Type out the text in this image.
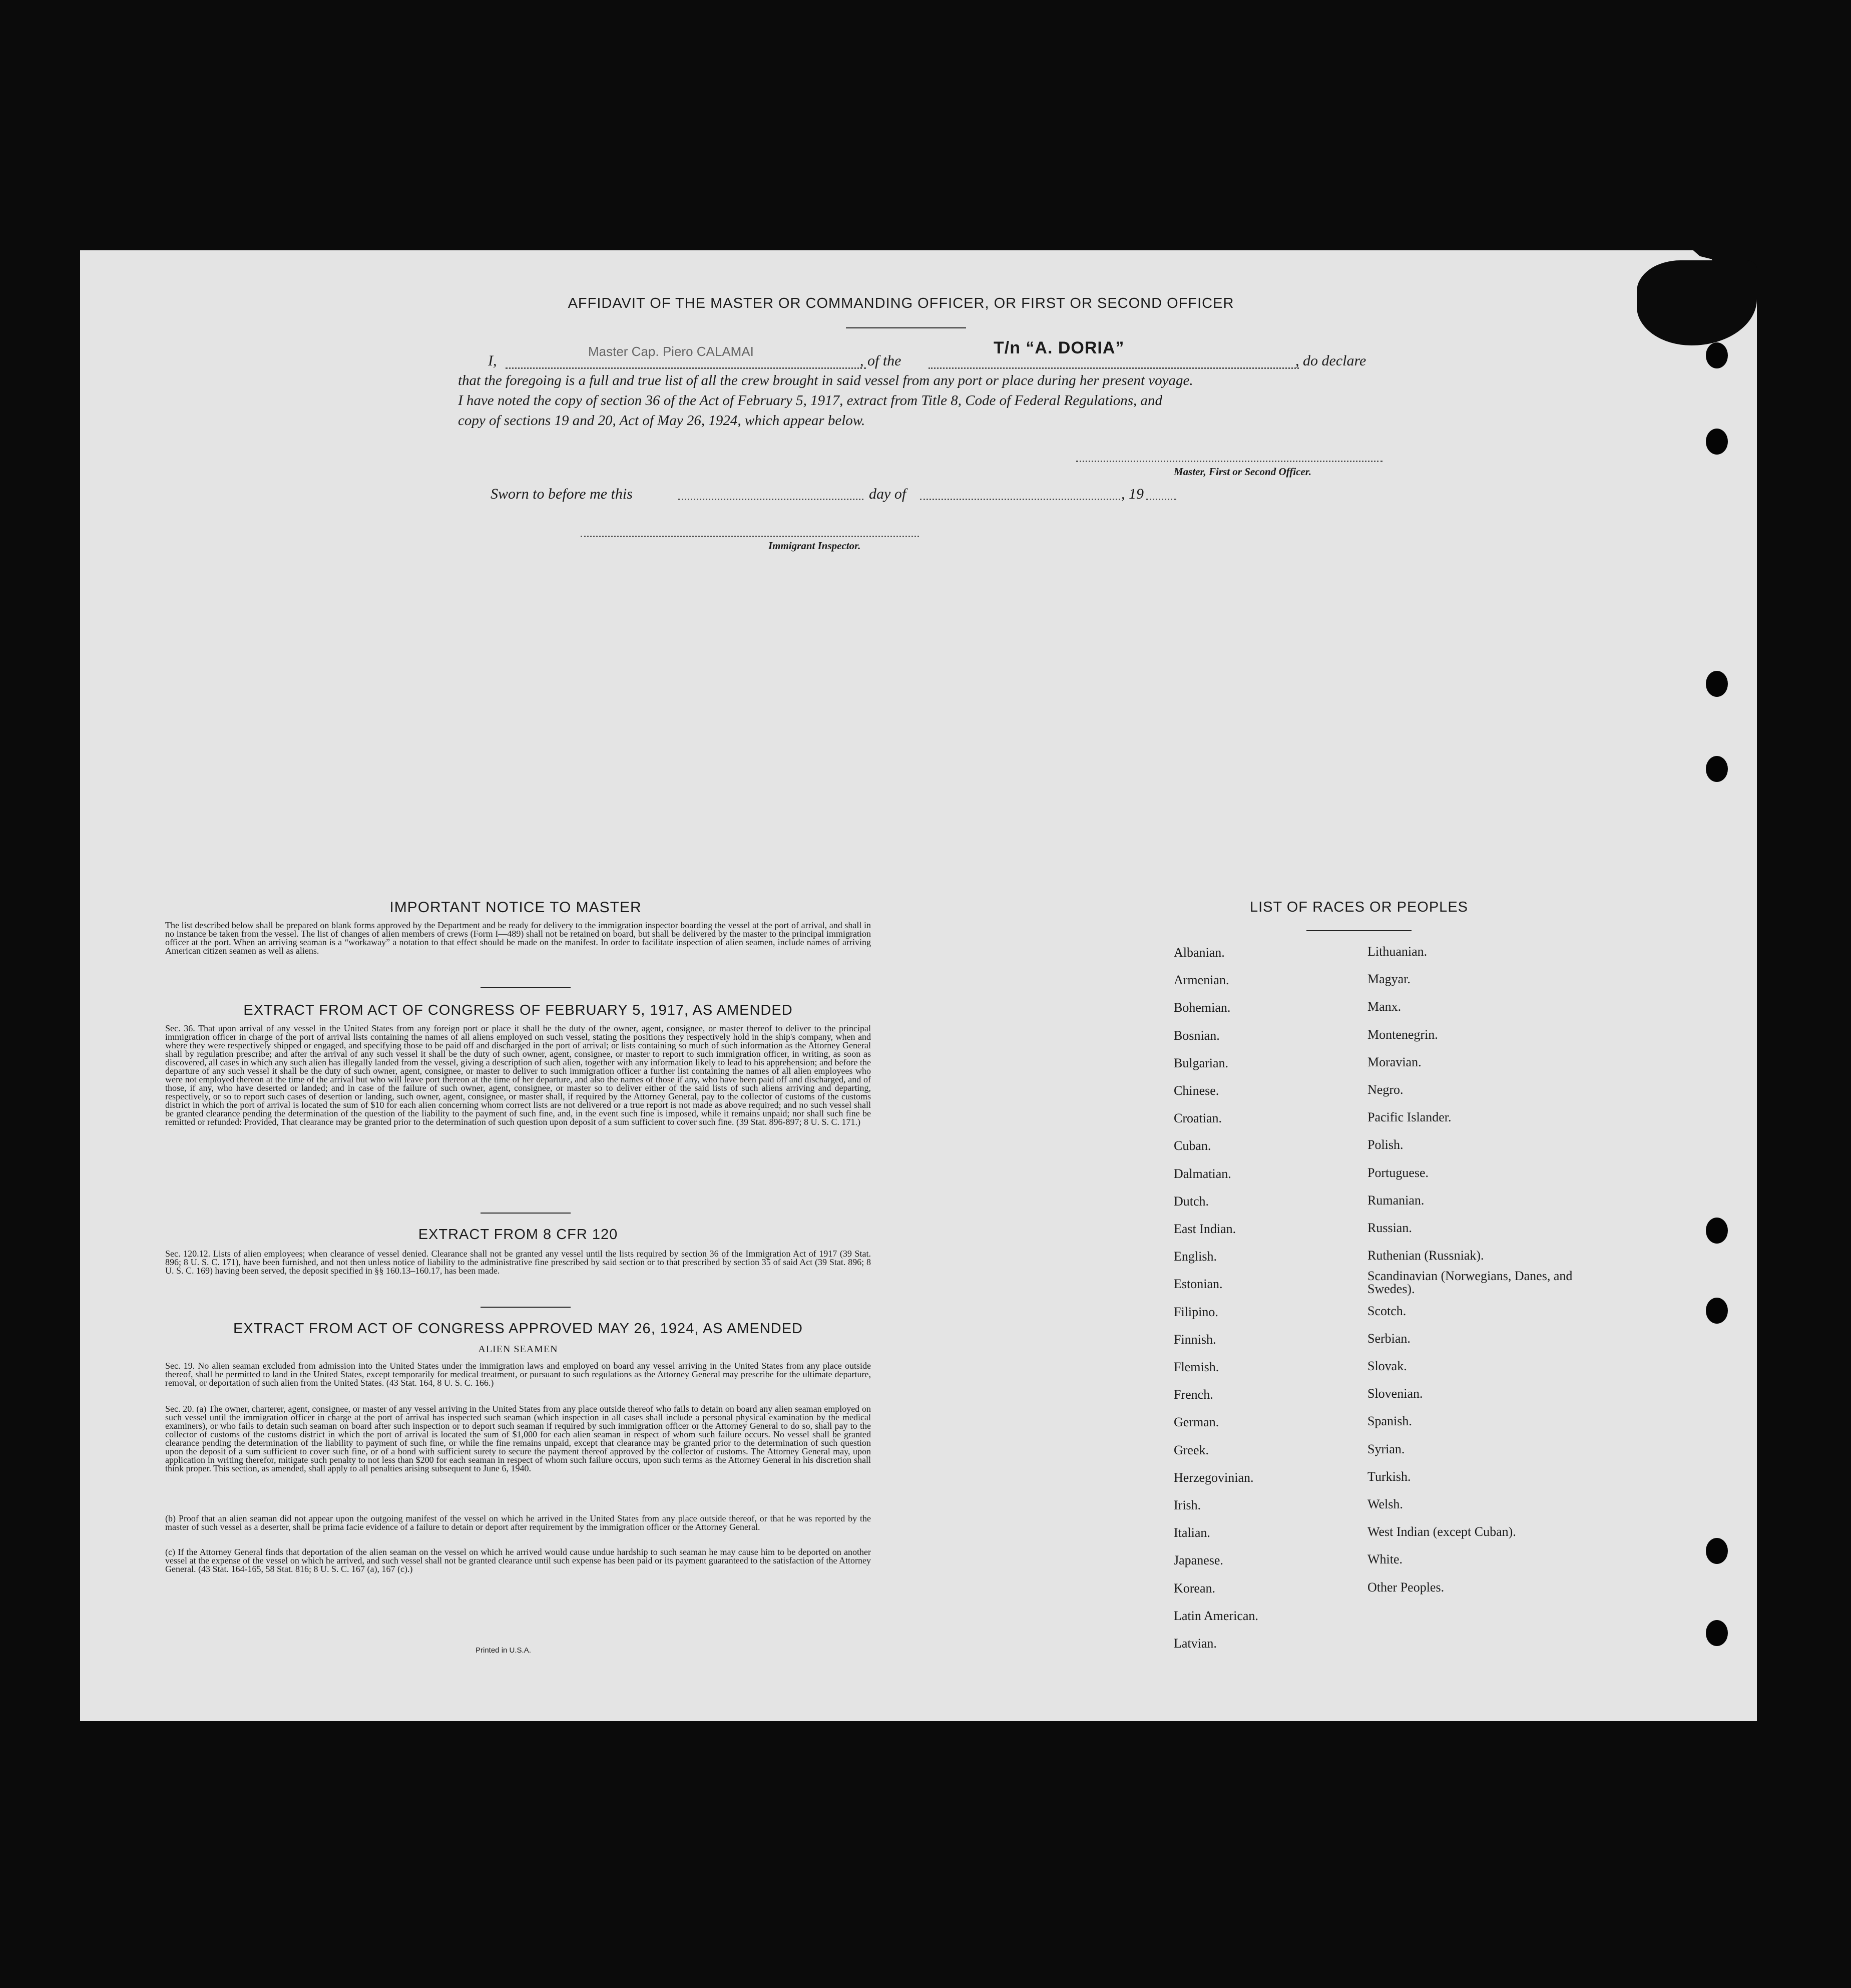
AFFIDAVIT OF THE MASTER OR COMMANDING OFFICER, OR FIRST OR SECOND OFFICER
I,
Master Cap. Piero CALAMAI
, of the
T/n “A. DORIA”
, do declare
that the foregoing is a full and true list of all the crew brought in said vessel from any port or place during her present voyage.
I have noted the copy of section 36 of the Act of February 5, 1917, extract from Title 8, Code of Federal Regulations, and
copy of sections 19 and 20, Act of May 26, 1924, which appear below.
Master, First or Second Officer.
Sworn to before me this	day of	, 19
Immigrant Inspector.
IMPORTANT NOTICE TO MASTER
The list described below shall be prepared on blank forms approved by the Department and be ready for delivery to the immigration inspector boarding the vessel at the port of arrival, and shall in no instance be taken from the vessel. The list of changes of alien members of crews (Form I—489) shall not be retained on board, but shall be delivered by the master to the principal immigration officer at the port. When an arriving seaman is a “workaway” a notation to that effect should be made on the manifest. In order to facilitate inspection of alien seamen, include names of arriving American citizen seamen as well as aliens.
EXTRACT FROM ACT OF CONGRESS OF FEBRUARY 5, 1917, AS AMENDED
Sec. 36. That upon arrival of any vessel in the United States from any foreign port or place it shall be the duty of the owner, agent, consignee, or master thereof to deliver to the principal immigration officer in charge of the port of arrival lists containing the names of all aliens employed on such vessel, stating the positions they respectively hold in the ship's company, when and where they were respectively shipped or engaged, and specifying those to be paid off and discharged in the port of arrival; or lists containing so much of such information as the Attorney General shall by regulation prescribe; and after the arrival of any such vessel it shall be the duty of such owner, agent, consignee, or master to report to such immigration officer, in writing, as soon as discovered, all cases in which any such alien has illegally landed from the vessel, giving a description of such alien, together with any information likely to lead to his apprehension; and before the departure of any such vessel it shall be the duty of such owner, agent, consignee, or master to deliver to such immigration officer a further list containing the names of all alien employees who were not employed thereon at the time of the arrival but who will leave port thereon at the time of her departure, and also the names of those if any, who have been paid off and discharged, and of those, if any, who have deserted or landed; and in case of the failure of such owner, agent, consignee, or master so to deliver either of the said lists of such aliens arriving and departing, respectively, or so to report such cases of desertion or landing, such owner, agent, consignee, or master shall, if required by the Attorney General, pay to the collector of customs of the customs district in which the port of arrival is located the sum of $10 for each alien concerning whom correct lists are not delivered or a true report is not made as above required; and no such vessel shall be granted clearance pending the determination of the question of the liability to the payment of such fine, and, in the event such fine is imposed, while it remains unpaid; nor shall such fine be remitted or refunded: Provided, That clearance may be granted prior to the determination of such question upon deposit of a sum sufficient to cover such fine. (39 Stat. 896-897; 8 U. S. C. 171.)
EXTRACT FROM 8 CFR 120
Sec. 120.12. Lists of alien employees; when clearance of vessel denied. Clearance shall not be granted any vessel until the lists required by section 36 of the Immigration Act of 1917 (39 Stat. 896; 8 U. S. C. 171), have been furnished, and not then unless notice of liability to the administrative fine prescribed by said section or to that prescribed by section 35 of said Act (39 Stat. 896; 8 U. S. C. 169) having been served, the deposit specified in §§ 160.13–160.17, has been made.
EXTRACT FROM ACT OF CONGRESS APPROVED MAY 26, 1924, AS AMENDED
ALIEN SEAMEN
Sec. 19. No alien seaman excluded from admission into the United States under the immigration laws and employed on board any vessel arriving in the United States from any place outside thereof, shall be permitted to land in the United States, except temporarily for medical treatment, or pursuant to such regulations as the Attorney General may prescribe for the ultimate departure, removal, or deportation of such alien from the United States. (43 Stat. 164, 8 U. S. C. 166.)
Sec. 20. (a) The owner, charterer, agent, consignee, or master of any vessel arriving in the United States from any place outside thereof who fails to detain on board any alien seaman employed on such vessel until the immigration officer in charge at the port of arrival has inspected such seaman (which inspection in all cases shall include a personal physical examination by the medical examiners), or who fails to detain such seaman on board after such inspection or to deport such seaman if required by such immigration officer or the Attorney General to do so, shall pay to the collector of customs of the customs district in which the port of arrival is located the sum of $1,000 for each alien seaman in respect of whom such failure occurs. No vessel shall be granted clearance pending the determination of the liability to payment of such fine, or while the fine remains unpaid, except that clearance may be granted prior to the determination of such question upon the deposit of a sum sufficient to cover such fine, or of a bond with sufficient surety to secure the payment thereof approved by the collector of customs. The Attorney General may, upon application in writing therefor, mitigate such penalty to not less than $200 for each seaman in respect of whom such failure occurs, upon such terms as the Attorney General in his discretion shall think proper. This section, as amended, shall apply to all penalties arising subsequent to June 6, 1940.
(b) Proof that an alien seaman did not appear upon the outgoing manifest of the vessel on which he arrived in the United States from any place outside thereof, or that he was reported by the master of such vessel as a deserter, shall be prima facie evidence of a failure to detain or deport after requirement by the immigration officer or the Attorney General.
(c) If the Attorney General finds that deportation of the alien seaman on the vessel on which he arrived would cause undue hardship to such seaman he may cause him to be deported on another vessel at the expense of the vessel on which he arrived, and such vessel shall not be granted clearance until such expense has been paid or its payment guaranteed to the satisfaction of the Attorney General. (43 Stat. 164-165, 58 Stat. 816; 8 U. S. C. 167 (a), 167 (c).)
Printed in U.S.A.
LIST OF RACES OR PEOPLES
Albanian.
Armenian.
Bohemian.
Bosnian.
Bulgarian.
Chinese.
Croatian.
Cuban.
Dalmatian.
Dutch.
East Indian.
English.
Estonian.
Filipino.
Finnish.
Flemish.
French.
German.
Greek.
Herzegovinian.
Irish.
Italian.
Japanese.
Korean.
Latin American.
Latvian.
Lithuanian.
Magyar.
Manx.
Montenegrin.
Moravian.
Negro.
Pacific Islander.
Polish.
Portuguese.
Rumanian.
Russian.
Ruthenian (Russniak).
Scandinavian (Norwegians, Danes, and Swedes).
Scotch.
Serbian.
Slovak.
Slovenian.
Spanish.
Syrian.
Turkish.
Welsh.
West Indian (except Cuban).
White.
Other Peoples.
